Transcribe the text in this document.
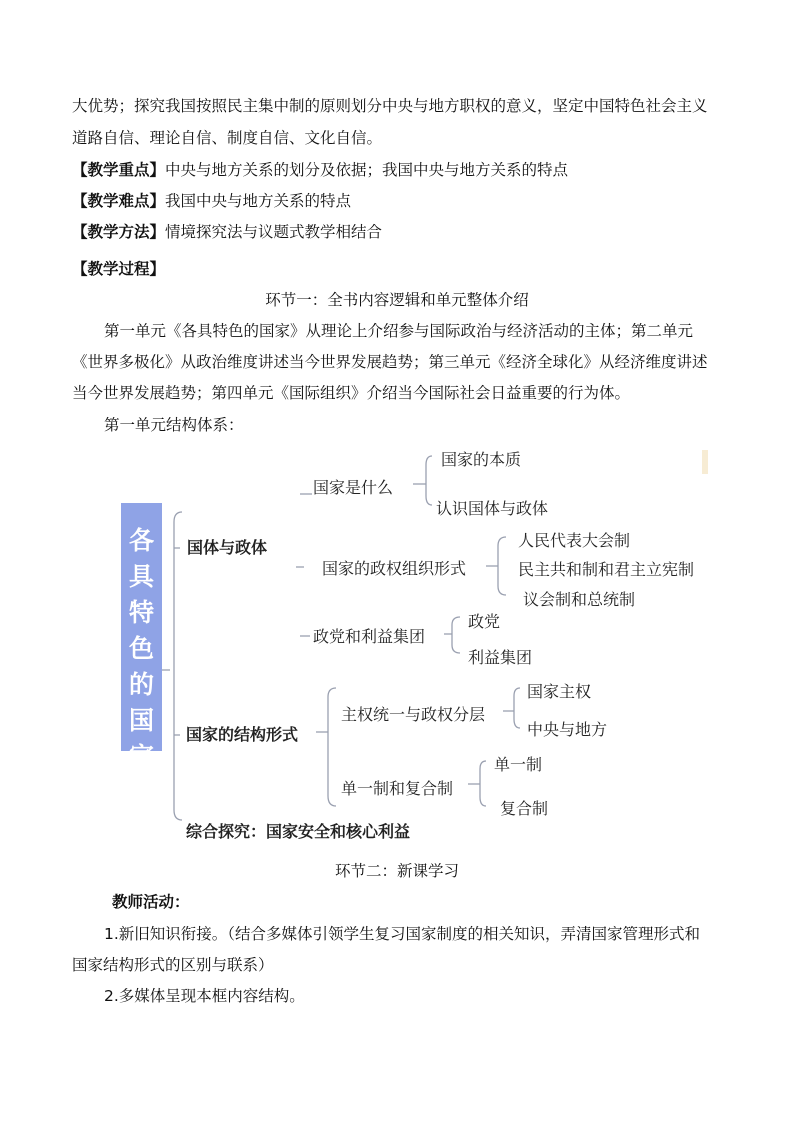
大优势；探究我国按照民主集中制的原则划分中央与地方职权的意义，坚定中国特色社会主义
道路自信、理论自信、制度自信、文化自信。
【教学重点】中央与地方关系的划分及依据；我国中央与地方关系的特点
【教学难点】我国中央与地方关系的特点
【教学方法】情境探究法与议题式教学相结合
【教学过程】
环节一：全书内容逻辑和单元整体介绍
第一单元《各具特色的国家》从理论上介绍参与国际政治与经济活动的主体；第二单元
《世界多极化》从政治维度讲述当今世界发展趋势；第三单元《经济全球化》从经济维度讲述
当今世界发展趋势；第四单元《国际组织》介绍当今国际社会日益重要的行为体。
第一单元结构体系：
各具特色的国家
国体与政体
国家是什么
国家的本质
认识国体与政体
国家的政权组织形式
人民代表大会制
民主共和制和君主立宪制
议会制和总统制
政党和利益集团
政党
利益集团
国家的结构形式
主权统一与政权分层
国家主权
中央与地方
单一制和复合制
单一制
复合制
综合探究：国家安全和核心利益
环节二：新课学习
教师活动：
1.新旧知识衔接。（结合多媒体引领学生复习国家制度的相关知识，弄清国家管理形式和
国家结构形式的区别与联系）
2.多媒体呈现本框内容结构。
